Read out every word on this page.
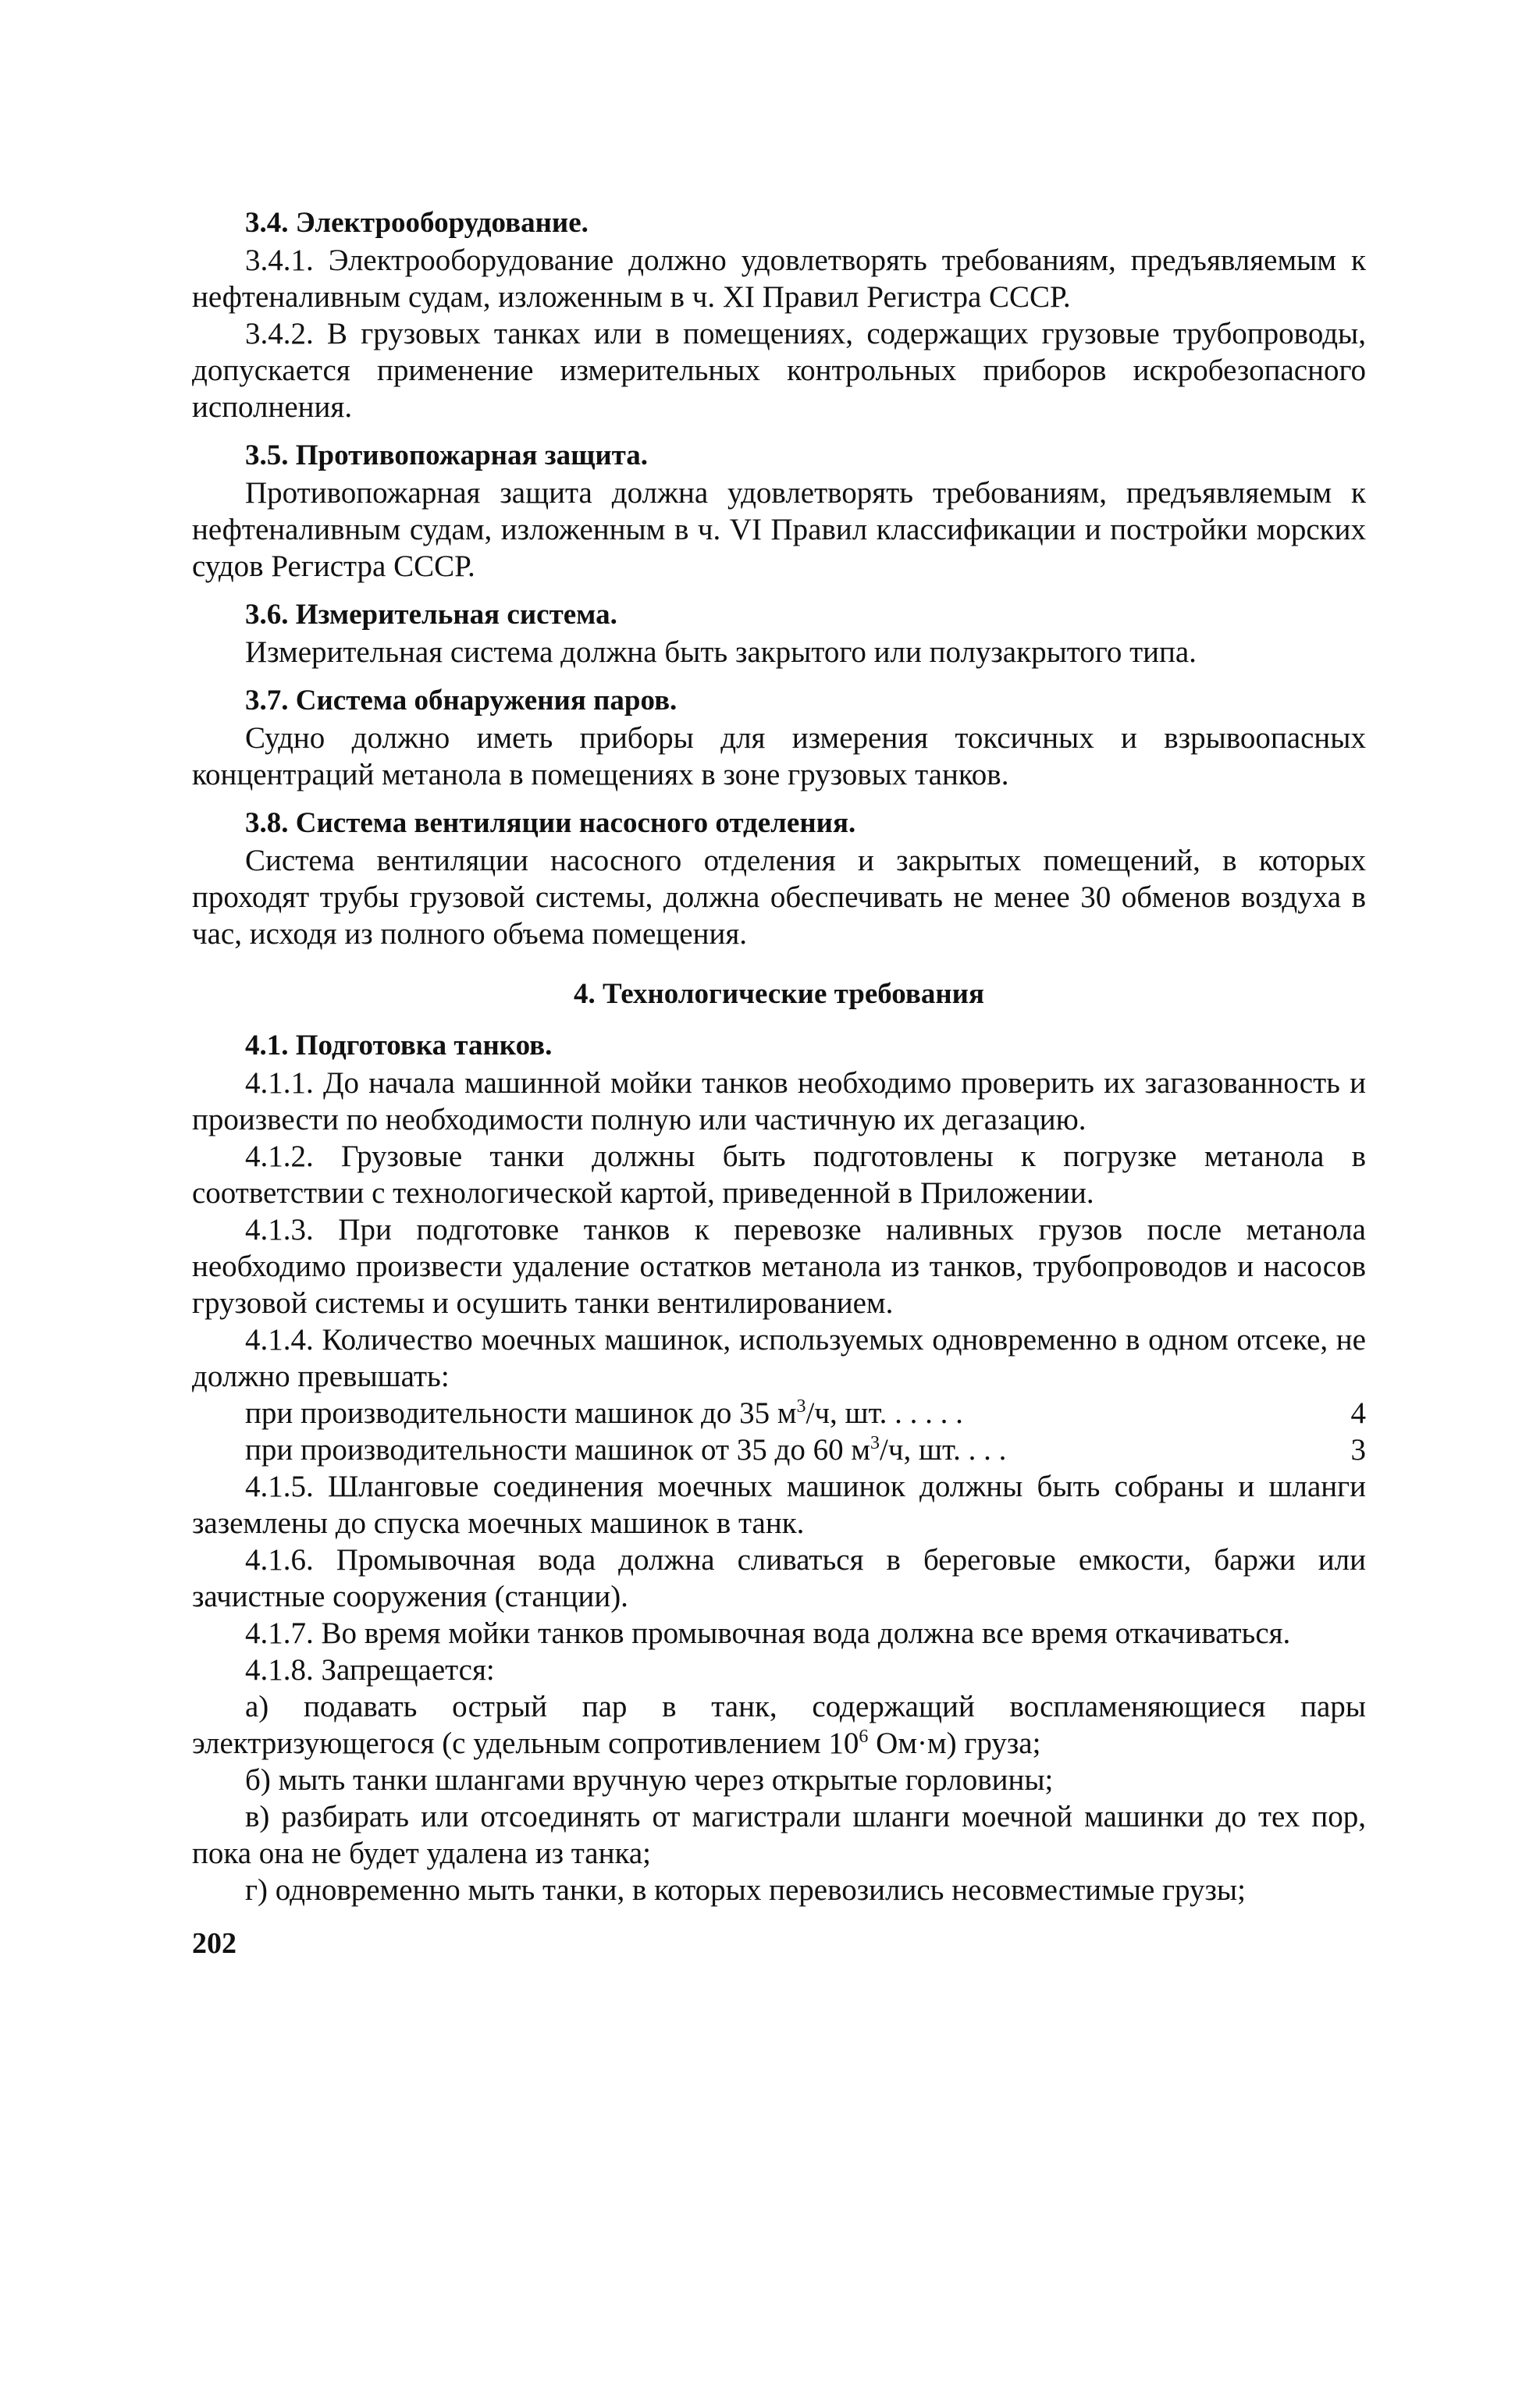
3.4. Электрооборудование.

3.4.1. Электрооборудование должно удовлетворять требованиям, предъявляемым к нефтеналивным судам, изложенным в ч. XI Правил Регистра СССР.

3.4.2. В грузовых танках или в помещениях, содержащих грузовые трубопроводы, допускается применение измерительных контрольных приборов искробезопасного исполнения.

3.5. Противопожарная защита.

Противопожарная защита должна удовлетворять требованиям, предъявляемым к нефтеналивным судам, изложенным в ч. VI Правил классификации и постройки морских судов Регистра СССР.

3.6. Измерительная система.

Измерительная система должна быть закрытого или полузакрытого типа.

3.7. Система обнаружения паров.

Судно должно иметь приборы для измерения токсичных и взрывоопасных концентраций метанола в помещениях в зоне грузовых танков.

3.8. Система вентиляции насосного отделения.

Система вентиляции насосного отделения и закрытых помещений, в которых проходят трубы грузовой системы, должна обеспечивать не менее 30 обменов воздуха в час, исходя из полного объема помещения.

4. Технологические требования

4.1. Подготовка танков.

4.1.1. До начала машинной мойки танков необходимо проверить их загазованность и произвести по необходимости полную или частичную их дегазацию.

4.1.2. Грузовые танки должны быть подготовлены к погрузке метанола в соответствии с технологической картой, приведенной в Приложении.

4.1.3. При подготовке танков к перевозке наливных грузов после метанола необходимо произвести удаление остатков метанола из танков, трубопроводов и насосов грузовой системы и осушить танки вентилированием.

4.1.4. Количество моечных машинок, используемых одновременно в одном отсеке, не должно превышать:

при производительности машинок до 35 $м^3/ч$, шт. . . . . .	4

при производительности машинок от 35 до 60 $м^3/ч$, шт. . . .	3

4.1.5. Шланговые соединения моечных машинок должны быть собраны и шланги заземлены до спуска моечных машинок в танк.

4.1.6. Промывочная вода должна сливаться в береговые емкости, баржи или зачистные сооружения (станции).

4.1.7. Во время мойки танков промывочная вода должна все время откачиваться.

4.1.8. Запрещается:

а) подавать острый пар в танк, содержащий воспламеняющиеся пары электризующегося (с удельным сопротивлением $10^6$ Ом·м) груза;

б) мыть танки шлангами вручную через открытые горловины;

в) разбирать или отсоединять от магистрали шланги моечной машинки до тех пор, пока она не будет удалена из танка;

г) одновременно мыть танки, в которых перевозились несовместимые грузы;

202
